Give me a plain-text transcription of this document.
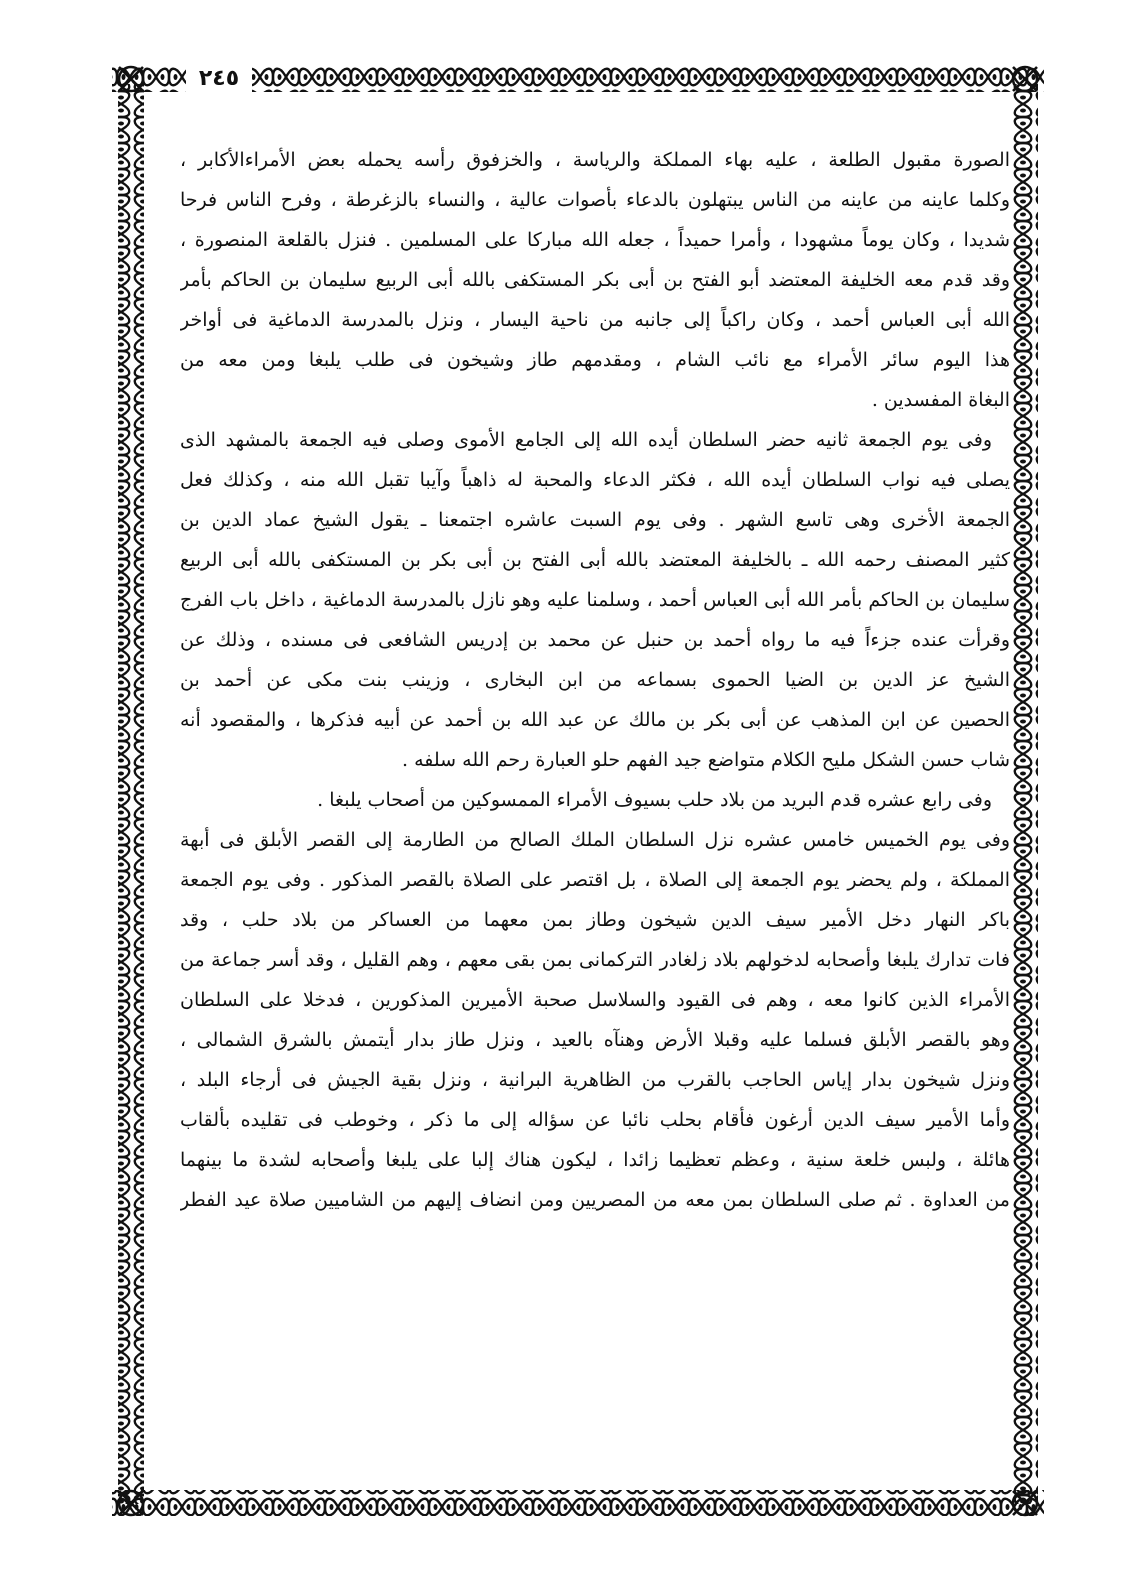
٢٤٥
الصورة مقبول الطلعة ، عليه بهاء المملكة والرياسة ، والخزفوق رأسه يحمله بعض الأمراءالأكابر ،
وكلما عاينه من عاينه من الناس يبتهلون بالدعاء بأصوات عالية ، والنساء بالزغرطة ، وفرح الناس فرحا
شديدا ، وكان يوماً مشهودا ، وأمرا حميداً ، جعله الله مباركا على المسلمين . فنزل بالقلعة المنصورة ،
وقد قدم معه الخليفة المعتضد أبو الفتح بن أبى بكر المستكفى بالله أبى الربيع سليمان بن الحاكم بأمر
الله أبى العباس أحمد ، وكان راكباً إلى جانبه من ناحية اليسار ، ونزل بالمدرسة الدماغية فى أواخر
هذا اليوم سائر الأمراء مع نائب الشام ، ومقدمهم طاز وشيخون فى طلب يلبغا ومن معه من
البغاة المفسدين .
وفى يوم الجمعة ثانيه حضر السلطان أيده الله إلى الجامع الأموى وصلى فيه الجمعة بالمشهد الذى
يصلى فيه نواب السلطان أيده الله ، فكثر الدعاء والمحبة له ذاهباً وآيبا تقبل الله منه ، وكذلك فعل
الجمعة الأخرى وهى تاسع الشهر . وفى يوم السبت عاشره اجتمعنا ـ يقول الشيخ عماد الدين بن
كثير المصنف رحمه الله ـ بالخليفة المعتضد بالله أبى الفتح بن أبى بكر بن المستكفى بالله أبى الربيع
سليمان بن الحاكم بأمر الله أبى العباس أحمد ، وسلمنا عليه وهو نازل بالمدرسة الدماغية ، داخل باب الفرج
وقرأت عنده جزءاً فيه ما رواه أحمد بن حنبل عن محمد بن إدريس الشافعى فى مسنده ، وذلك عن
الشيخ عز الدين بن الضيا الحموى بسماعه من ابن البخارى ، وزينب بنت مكى عن أحمد بن
الحصين عن ابن المذهب عن أبى بكر بن مالك عن عبد الله بن أحمد عن أبيه فذكرها ، والمقصود أنه
شاب حسن الشكل مليح الكلام متواضع جيد الفهم حلو العبارة رحم الله سلفه .
وفى رابع عشره قدم البريد من بلاد حلب بسيوف الأمراء الممسوكين من أصحاب يلبغا .
وفى يوم الخميس خامس عشره نزل السلطان الملك الصالح من الطارمة إلى القصر الأبلق فى أبهة
المملكة ، ولم يحضر يوم الجمعة إلى الصلاة ، بل اقتصر على الصلاة بالقصر المذكور . وفى يوم الجمعة
باكر النهار دخل الأمير سيف الدين شيخون وطاز بمن معهما من العساكر من بلاد حلب ، وقد
فات تدارك يلبغا وأصحابه لدخولهم بلاد زلغادر التركمانى بمن بقى معهم ، وهم القليل ، وقد أسر جماعة من
الأمراء الذين كانوا معه ، وهم فى القيود والسلاسل صحبة الأميرين المذكورين ، فدخلا على السلطان
وهو بالقصر الأبلق فسلما عليه وقبلا الأرض وهنآه بالعيد ، ونزل طاز بدار أيتمش بالشرق الشمالى ،
ونزل شيخون بدار إياس الحاجب بالقرب من الظاهرية البرانية ، ونزل بقية الجيش فى أرجاء البلد ،
وأما الأمير سيف الدين أرغون فأقام بحلب نائبا عن سؤاله إلى ما ذكر ، وخوطب فى تقليده بألقاب
هائلة ، ولبس خلعة سنية ، وعظم تعظيما زائدا ، ليكون هناك إلبا على يلبغا وأصحابه لشدة ما بينهما
من العداوة . ثم صلى السلطان بمن معه من المصريين ومن انضاف إليهم من الشاميين صلاة عيد الفطر
